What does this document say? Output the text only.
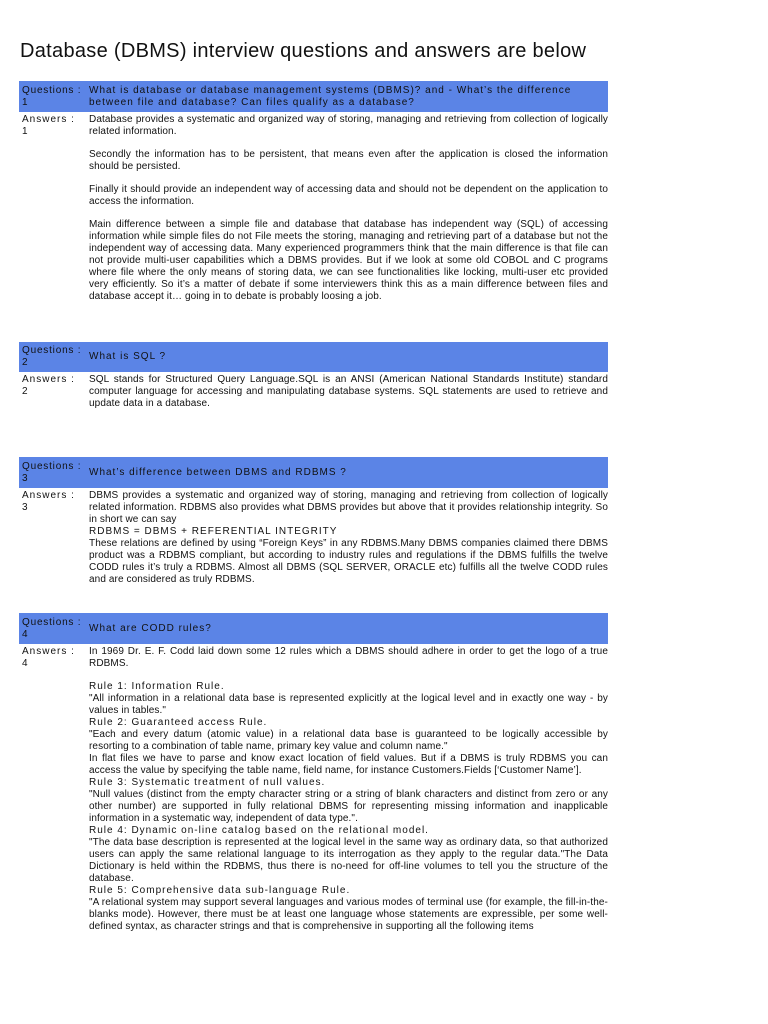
Database (DBMS) interview questions and answers are below
Questions : 1
What is database or database management systems (DBMS)? and - What’s the difference between file and database? Can files qualify as a database?
Answers : 1

Database provides a systematic and organized way of storing, managing and retrieving from collection of logically related information.

Secondly the information has to be persistent, that means even after the application is closed the information should be persisted.

Finally it should provide an independent way of accessing data and should not be dependent on the application to access the information.

Main difference between a simple file and database that database has independent way (SQL) of accessing information while simple files do not File meets the storing, managing and retrieving part of a database but not the independent way of accessing data. Many experienced programmers think that the main difference is that file can not provide multi-user capabilities which a DBMS provides. But if we look at some old COBOL and C programs where file where the only means of storing data, we can see functionalities like locking, multi-user etc provided very efficiently. So it’s a matter of debate if some interviewers think this as a main difference between files and database accept it… going in to debate is probably loosing a job.

Questions : 2
What is SQL ?
Answers : 2

SQL stands for Structured Query Language.SQL is an ANSI (American National Standards Institute) standard computer language for accessing and manipulating database systems. SQL statements are used to retrieve and update data in a database.

Questions : 3
What’s difference between DBMS and RDBMS ?
Answers : 3

DBMS provides a systematic and organized way of storing, managing and retrieving from collection of logically related information. RDBMS also provides what DBMS provides but above that it provides relationship integrity. So in short we can say

RDBMS = DBMS + REFERENTIAL INTEGRITY

These relations are defined by using “Foreign Keys” in any RDBMS.Many DBMS companies claimed there DBMS product was a RDBMS compliant, but according to industry rules and regulations if the DBMS fulfills the twelve CODD rules it’s truly a RDBMS. Almost all DBMS (SQL SERVER, ORACLE etc) fulfills all the twelve CODD rules and are considered as truly RDBMS.

Questions : 4
What are CODD rules?
Answers : 4

In 1969 Dr. E. F. Codd laid down some 12 rules which a DBMS should adhere in order to get the logo of a true RDBMS.

Rule 1: Information Rule.

"All information in a relational data base is represented explicitly at the logical level and in exactly one way - by values in tables."

Rule 2: Guaranteed access Rule.

"Each and every datum (atomic value) in a relational data base is guaranteed to be logically accessible by resorting to a combination of table name, primary key value and column name."

In flat files we have to parse and know exact location of field values. But if a DBMS is truly RDBMS you can access the value by specifying the table name, field name, for instance Customers.Fields [‘Customer Name’].

Rule 3: Systematic treatment of null values.

"Null values (distinct from the empty character string or a string of blank characters and distinct from zero or any other number) are supported in fully relational DBMS for representing missing information and inapplicable information in a systematic way, independent of data type.".

Rule 4: Dynamic on-line catalog based on the relational model.

"The data base description is represented at the logical level in the same way as ordinary data, so that authorized users can apply the same relational language to its interrogation as they apply to the regular data."The Data Dictionary is held within the RDBMS, thus there is no-need for off-line volumes to tell you the structure of the database.

Rule 5: Comprehensive data sub-language Rule.

"A relational system may support several languages and various modes of terminal use (for example, the fill-in-the-blanks mode). However, there must be at least one language whose statements are expressible, per some well-defined syntax, as character strings and that is comprehensive in supporting all the following items
